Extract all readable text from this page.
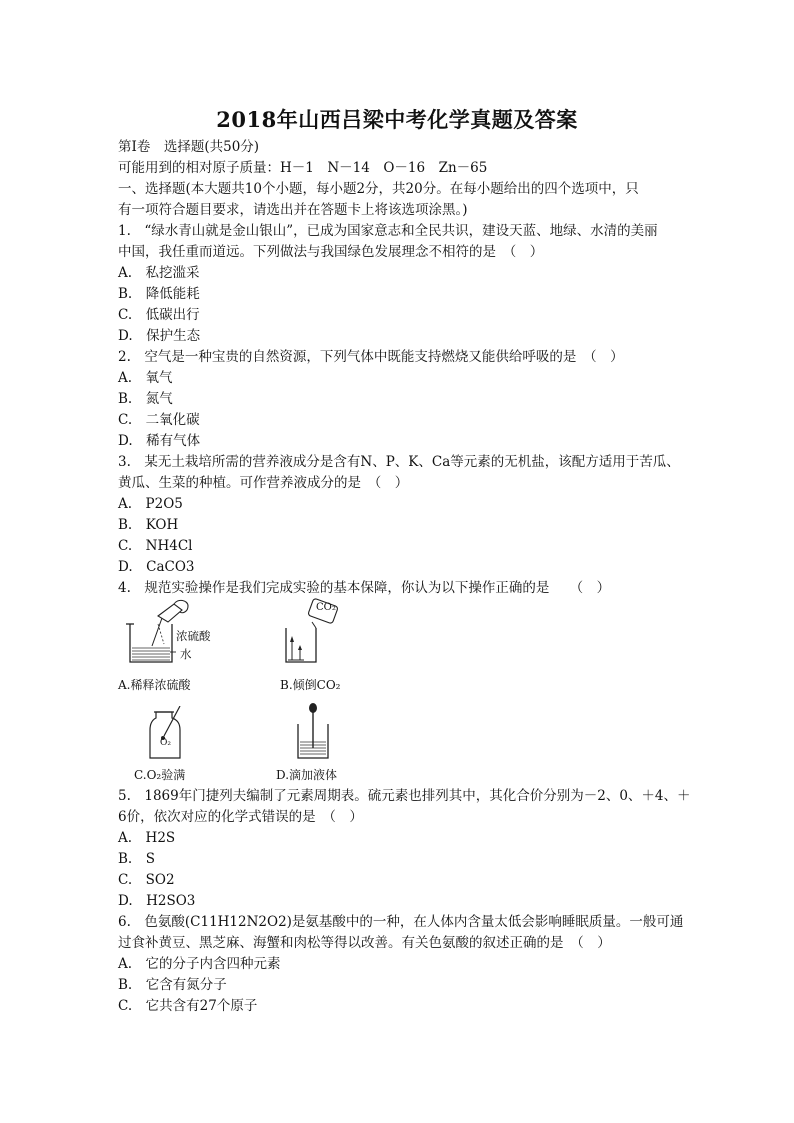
2018年山西吕梁中考化学真题及答案
第Ⅰ卷　选择题(共50分)
可能用到的相对原子质量：H－1　N－14　O－16　Zn－65
一、选择题(本大题共10个小题，每小题2分，共20分。在每小题给出的四个选项中，只
有一项符合题目要求，请选出并在答题卡上将该选项涂黑。)
1.　“绿水青山就是金山银山”，已成为国家意志和全民共识，建设天蓝、地绿、水清的美丽
中国，我任重而道远。下列做法与我国绿色发展理念不相符的是　（　）
A.　私挖滥采
B.　降低能耗
C.　低碳出行
D.　保护生态
2.　空气是一种宝贵的自然资源，下列气体中既能支持燃烧又能供给呼吸的是　（　）
A.　氧气
B.　氮气
C.　二氧化碳
D.　稀有气体
3.　某无土栽培所需的营养液成分是含有N、P、K、Ca等元素的无机盐，该配方适用于苦瓜、
黄瓜、生菜的种植。可作营养液成分的是　（　）
A.　P2O5
B.　KOH
C.　NH4Cl
D.　CaCO3
4.　规范实验操作是我们完成实验的基本保障，你认为以下操作正确的是　　（　）
浓硫酸
水
A.稀释浓硫酸
CO₂
B.倾倒CO₂
O₂
C.O₂验满	D.滴加液体
5.　1869年门捷列夫编制了元素周期表。硫元素也排列其中，其化合价分别为－2、0、＋4、＋
6价，依次对应的化学式错误的是　（　）
A.　H2S
B.　S
C.　SO2
D.　H2SO3
6.　色氨酸(C11H12N2O2)是氨基酸中的一种，在人体内含量太低会影响睡眠质量。一般可通
过食补黄豆、黑芝麻、海蟹和肉松等得以改善。有关色氨酸的叙述正确的是　（　）
A.　它的分子内含四种元素
B.　它含有氮分子
C.　它共含有27个原子
